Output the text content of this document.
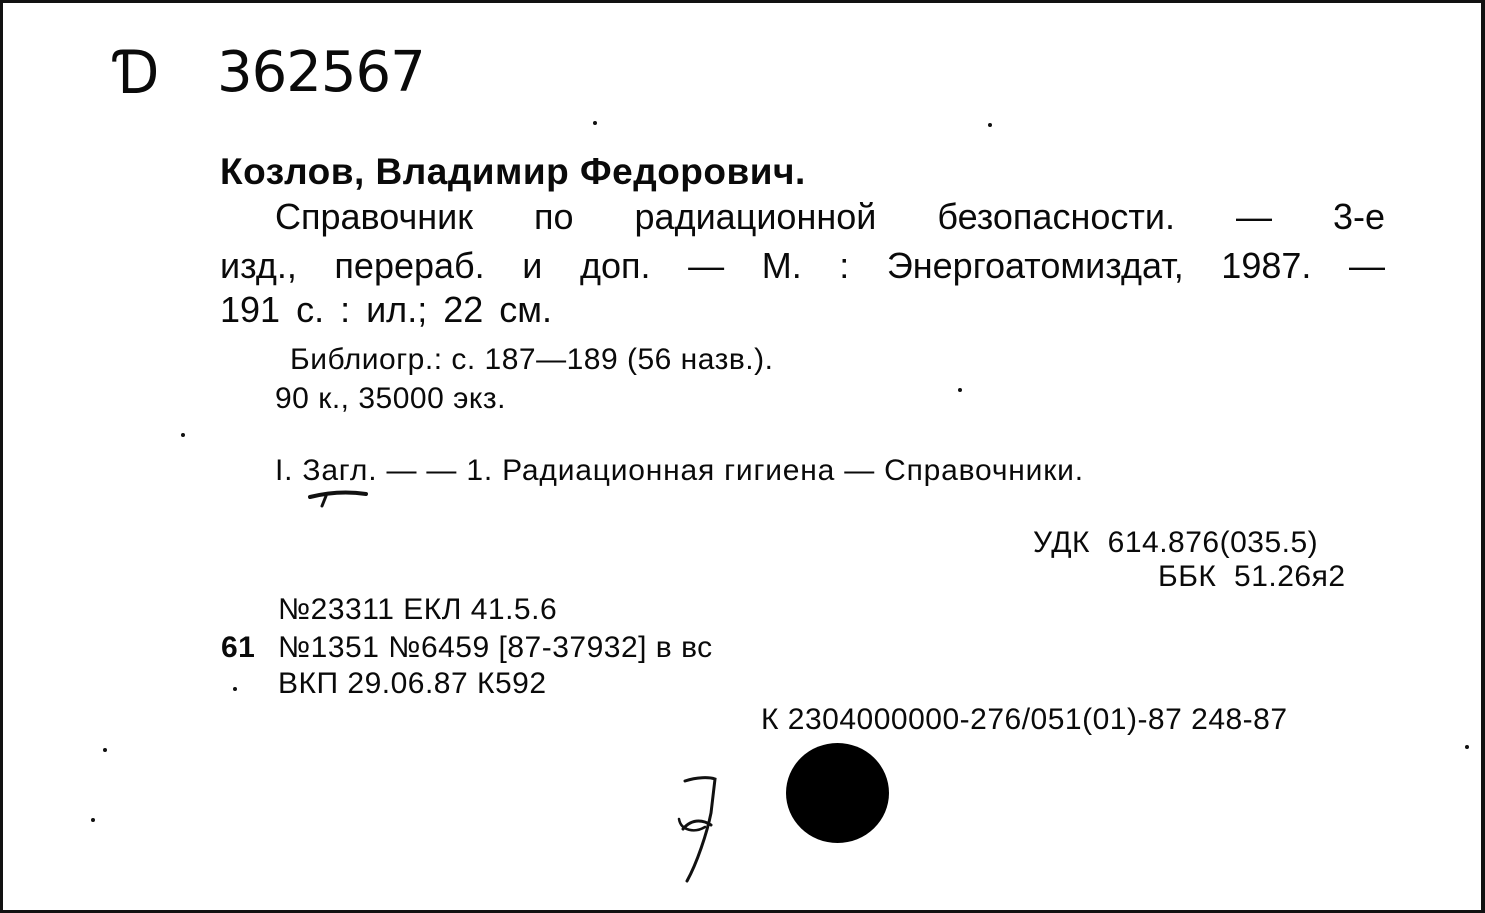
Ɗ 362567
Козлов, Владимир Федорович.
Справочник по радиационной безопасности. — 3-е
изд., перераб. и доп. — М. : Энергоатомиздат, 1987. —
191 с. : ил.; 22 см.
Библиогр.: с. 187—189 (56 назв.).
90 к., 35000 экз.
I. Загл. — — 1. Радиационная гигиена — Справочники.
УДК  614.876(035.5)
ББК  51.26я2
№23311 ЕКЛ 41.5.6
61 №1351 №6459 [87-37932] в вс
ВКП 29.06.87 К592
К 2304000000-276/051(01)-87 248-87
